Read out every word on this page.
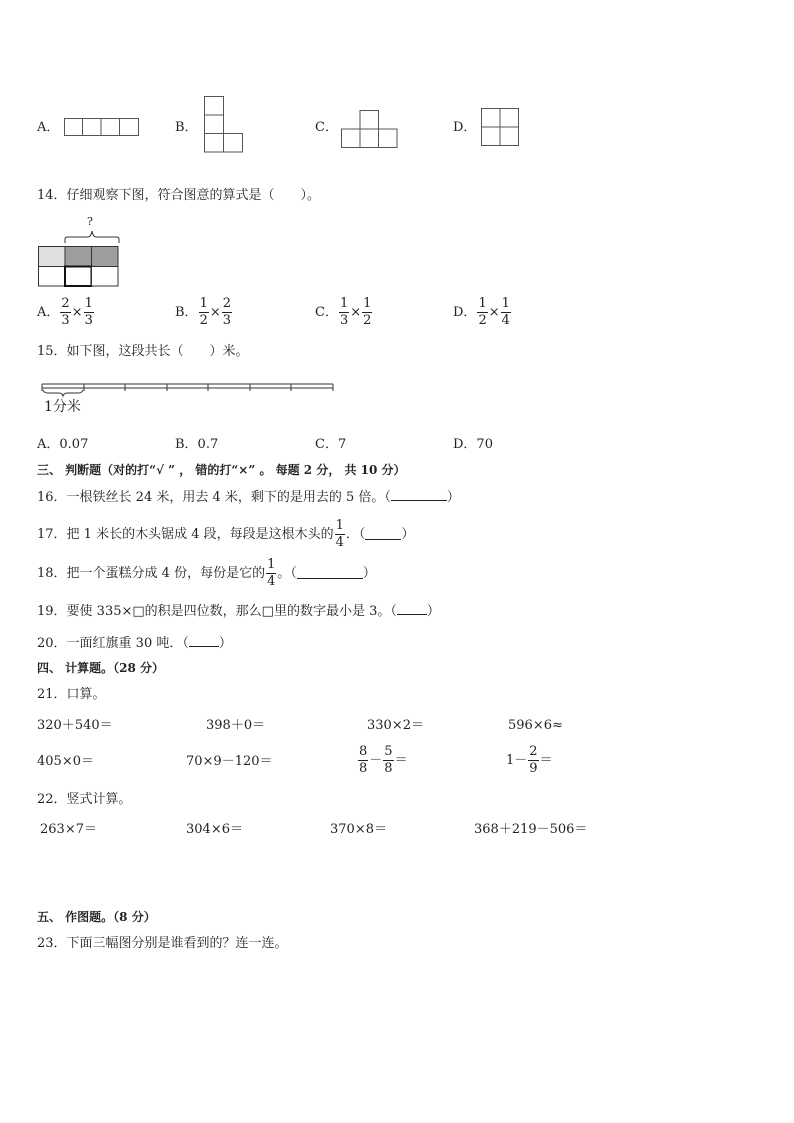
A．	B．	C．	D．
14．仔细观察下图，符合图意的算式是（　　）。
?
A． $\frac{2}{3} \times \frac{1}{3}$	B． $\frac{1}{2} \times \frac{2}{3}$	C． $\frac{1}{3} \times \frac{1}{2}$	D． $\frac{1}{2} \times \frac{1}{4}$
15．如下图，这段共长（　　）米。
1分米
A．0.07	B．0.7	C．7	D．70
三、 判断题（对的打“√ ” ， 错的打“×” 。 每题 2 分， 共 10 分）
16．一根铁丝长 24 米，用去 4 米，剩下的是用去的 5 倍。（	）
17．把 1 米长的木头锯成 4 段，每段是这根木头的 $\frac{1}{4}$ ．（	）
18．把一个蛋糕分成 4 份，每份是它的 $\frac{1}{4}$ 。（	）
19．要使 335×□的积是四位数，那么□里的数字最小是 3。（ ）
20．一面红旗重 30 吨．（ ）
四、 计算题。（28 分）
21．口算。
320＋540＝	398＋0＝	330×2＝	596×6≈
405×0＝	70×9－120＝	$\frac{8}{8} - \frac{5}{8}$ ＝	$1- \frac{2}{9}$ ＝
22．竖式计算。
263×7＝	304×6＝	370×8＝	368＋219－506＝
五、 作图题。（8 分）
23．下面三幅图分别是谁看到的？连一连。
